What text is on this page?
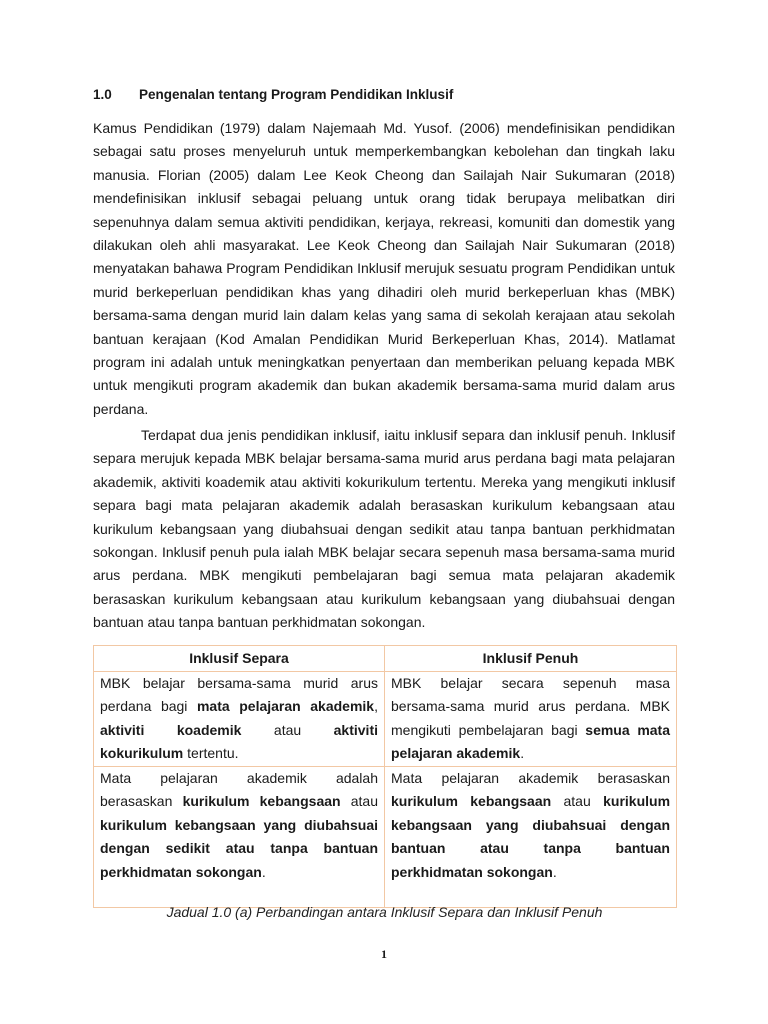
1.0 Pengenalan tentang Program Pendidikan Inklusif

Kamus Pendidikan (1979) dalam Najemaah Md. Yusof. (2006) mendefinisikan pendidikan sebagai satu proses menyeluruh untuk memperkembangkan kebolehan dan tingkah laku manusia. Florian (2005) dalam Lee Keok Cheong dan Sailajah Nair Sukumaran (2018) mendefinisikan inklusif sebagai peluang untuk orang tidak berupaya melibatkan diri sepenuhnya dalam semua aktiviti pendidikan, kerjaya, rekreasi, komuniti dan domestik yang dilakukan oleh ahli masyarakat. Lee Keok Cheong dan Sailajah Nair Sukumaran (2018) menyatakan bahawa Program Pendidikan Inklusif merujuk sesuatu program Pendidikan untuk murid berkeperluan pendidikan khas yang dihadiri oleh murid berkeperluan khas (MBK) bersama-sama dengan murid lain dalam kelas yang sama di sekolah kerajaan atau sekolah bantuan kerajaan (Kod Amalan Pendidikan Murid Berkeperluan Khas, 2014). Matlamat program ini adalah untuk meningkatkan penyertaan dan memberikan peluang kepada MBK untuk mengikuti program akademik dan bukan akademik bersama-sama murid dalam arus perdana.

Terdapat dua jenis pendidikan inklusif, iaitu inklusif separa dan inklusif penuh. Inklusif separa merujuk kepada MBK belajar bersama-sama murid arus perdana bagi mata pelajaran akademik, aktiviti koademik atau aktiviti kokurikulum tertentu. Mereka yang mengikuti inklusif separa bagi mata pelajaran akademik adalah berasaskan kurikulum kebangsaan atau kurikulum kebangsaan yang diubahsuai dengan sedikit atau tanpa bantuan perkhidmatan sokongan. Inklusif penuh pula ialah MBK belajar secara sepenuh masa bersama-sama murid arus perdana. MBK mengikuti pembelajaran bagi semua mata pelajaran akademik berasaskan kurikulum kebangsaan atau kurikulum kebangsaan yang diubahsuai dengan bantuan atau tanpa bantuan perkhidmatan sokongan.

Inklusif Separa	Inklusif Penuh
MBK belajar bersama-sama murid arus perdana bagi mata pelajaran akademik, aktiviti koademik atau aktiviti kokurikulum tertentu.	MBK belajar secara sepenuh masa bersama-sama murid arus perdana. MBK mengikuti pembelajaran bagi semua mata pelajaran akademik.
Mata pelajaran akademik adalah berasaskan kurikulum kebangsaan atau kurikulum kebangsaan yang diubahsuai dengan sedikit atau tanpa bantuan perkhidmatan sokongan.	Mata pelajaran akademik berasaskan kurikulum kebangsaan atau kurikulum kebangsaan yang diubahsuai dengan bantuan atau tanpa bantuan perkhidmatan sokongan.
Jadual 1.0 (a) Perbandingan antara Inklusif Separa dan Inklusif Penuh
1
